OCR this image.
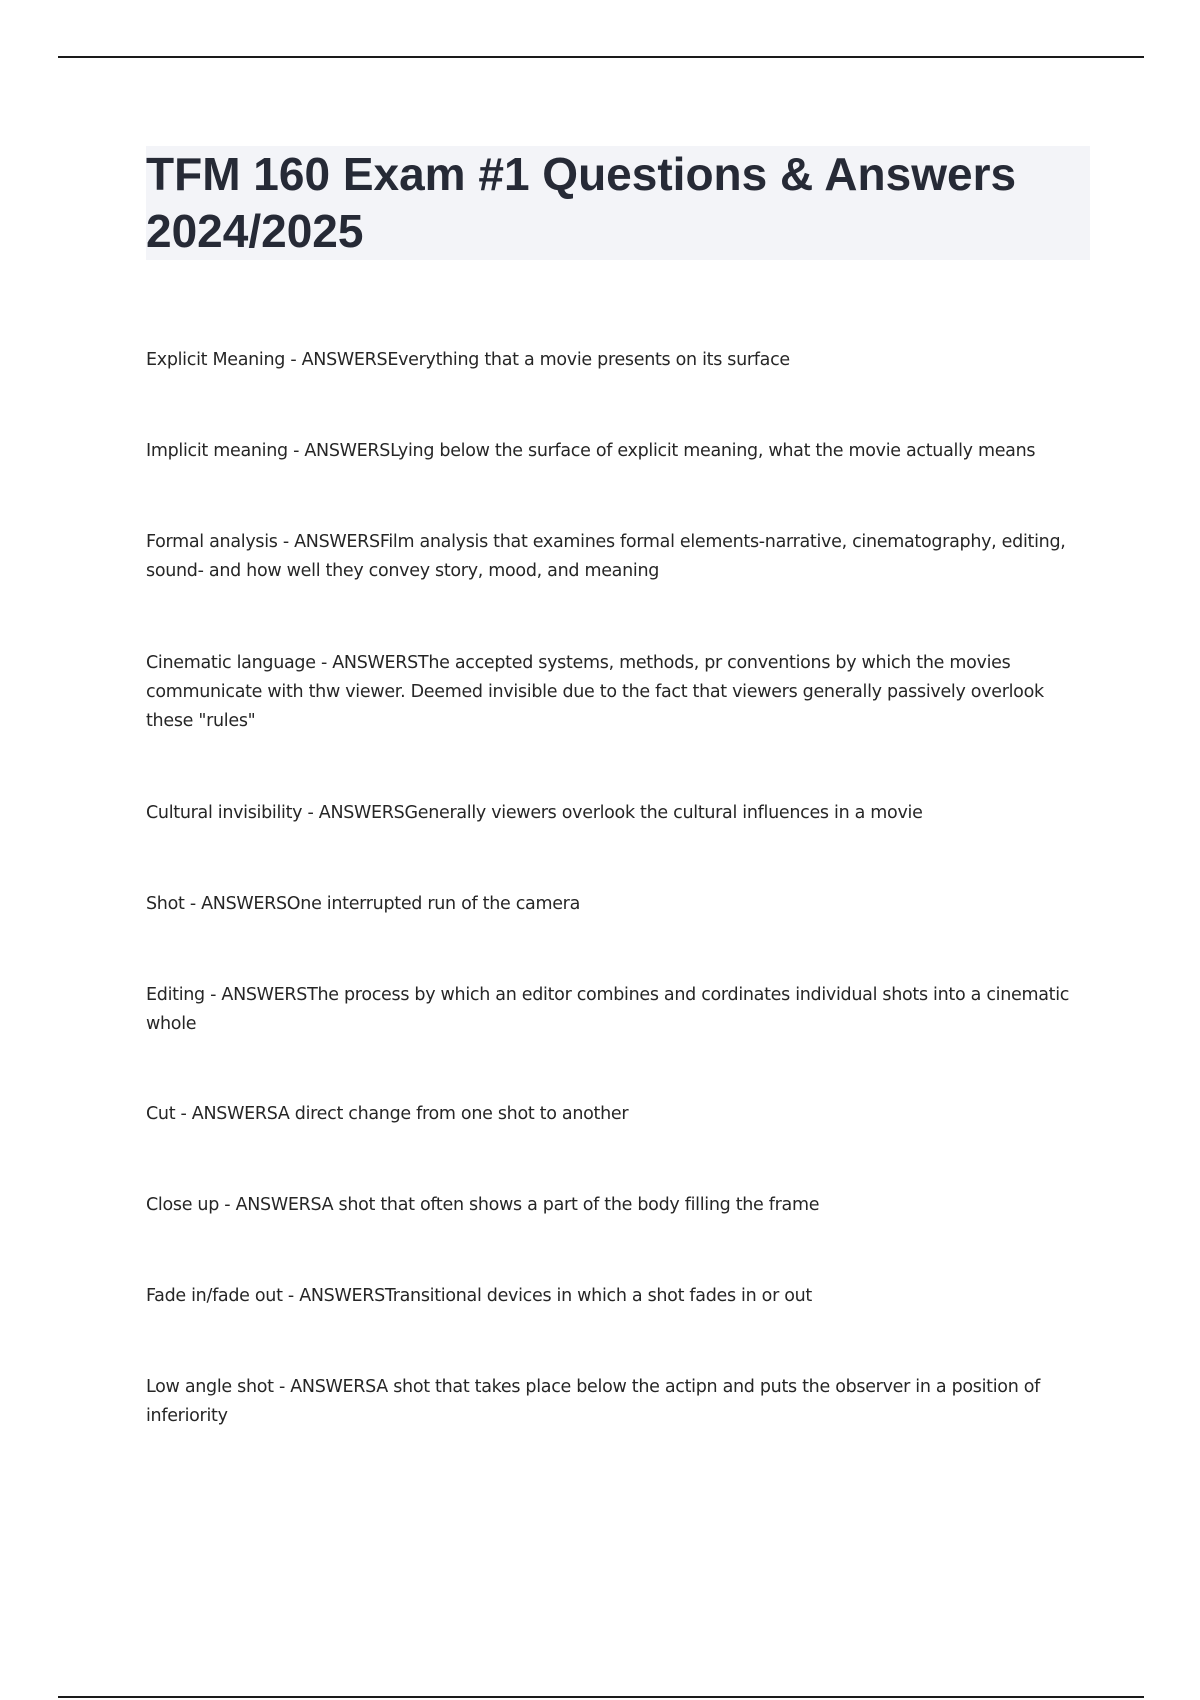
TFM 160 Exam #1 Questions & Answers 2024/2025

Explicit Meaning - ANSWERSEverything that a movie presents on its surface

Implicit meaning - ANSWERSLying below the surface of explicit meaning, what the movie actually means

Formal analysis - ANSWERSFilm analysis that examines formal elements-narrative, cinematography, editing, sound- and how well they convey story, mood, and meaning

Cinematic language - ANSWERSThe accepted systems, methods, pr conventions by which the movies communicate with thw viewer. Deemed invisible due to the fact that viewers generally passively overlook these "rules"

Cultural invisibility - ANSWERSGenerally viewers overlook the cultural influences in a movie

Shot - ANSWERSOne interrupted run of the camera

Editing - ANSWERSThe process by which an editor combines and cordinates individual shots into a cinematic whole

Cut - ANSWERSA direct change from one shot to another

Close up - ANSWERSA shot that often shows a part of the body filling the frame

Fade in/fade out - ANSWERSTransitional devices in which a shot fades in or out

Low angle shot - ANSWERSA shot that takes place below the actipn and puts the observer in a position of inferiority
